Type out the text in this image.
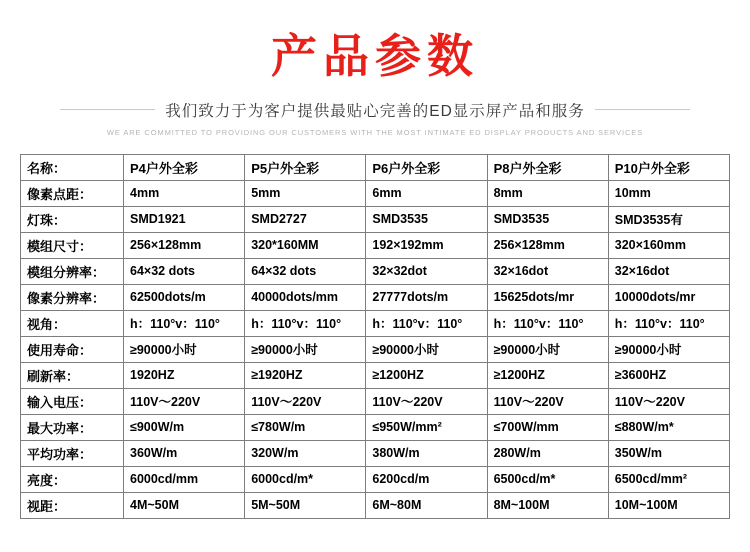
产品参数
我们致力于为客户提供最贴心完善的ED显示屏产品和服务
WE ARE COMMITTED TO PROVIDING OUR CUSTOMERS WITH THE MOST INTIMATE ED DISPLAY PRODUCTS AND SERVICES
名称：	P4户外全彩	P5户外全彩	P6户外全彩	P8户外全彩	P10户外全彩
像素点距：	4mm	5mm	6mm	8mm	10mm
灯珠：	SMD1921	SMD2727	SMD3535	SMD3535	SMD3535有
模组尺寸：	256×128mm	320*160MM	192×192mm	256×128mm	320×160mm
模组分辨率：	64×32 dots	64×32 dots	32×32dot	32×16dot	32×16dot
像素分辨率：	62500dots/m	40000dots/mm	27777dots/m	15625dots/mr	10000dots/mr
视角：	h：110°v：110°	h：110°v：110°	h：110°v：110°	h：110°v：110°	h：110°v：110°
使用寿命：	≥90000小时	≥90000小时	≥90000小时	≥90000小时	≥90000小时
刷新率：	1920HZ	≥1920HZ	≥1200HZ	≥1200HZ	≥3600HZ
输入电压：	110V～220V	110V～220V	110V～220V	110V～220V	110V～220V
最大功率：	≤900W/m	≤780W/m	≤950W/mm²	≤700W/mm	≤880W/m*
平均功率：	360W/m	320W/m	380W/m	280W/m	350W/m
亮度：	6000cd/mm	6000cd/m*	6200cd/m	6500cd/m*	6500cd/mm²
视距：	4M~50M	5M~50M	6M~80M	8M~100M	10M~100M
